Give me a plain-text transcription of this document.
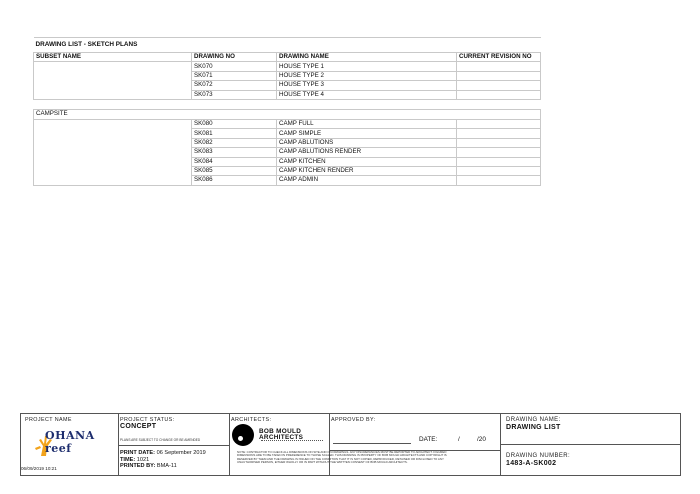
DRAWING LIST - SKETCH PLANS			
SUBSET NAME	DRAWING NO	DRAWING NAME	CURRENT REVISION NO
	SK070	HOUSE TYPE 1	
	SK071	HOUSE TYPE 2	
	SK072	HOUSE TYPE 3	
	SK073	HOUSE TYPE 4	

CAMPSITE			
	SK080	CAMP FULL	
	SK081	CAMP SIMPLE	
	SK082	CAMP ABLUTIONS	
	SK083	CAMP ABLUTIONS RENDER	
	SK084	CAMP KITCHEN	
	SK085	CAMP KITCHEN RENDER	
	SK086	CAMP ADMIN	
PROJECT NAME
OHANA reef
06/09/2019 10:21
PROJECT STATUS:
CONCEPT
PLANS ARE SUBJECT TO CHANGE OR BE AMENDED
PRINT DATE: 06 September 2019
TIME: 1021
PRINTED BY: BMA-11
ARCHITECTS:
BOB MOULD ARCHITECTS
NOTE: CONTRACTOR TO CHECK ALL DIMENSIONS ON SITE AND ON DRAWINGS. ANY DISCREPANCIES MUST BE REPORTED TO ARCHITECT. FIGURED DIMENSIONS ARE TO BE TAKEN IN PREFERENCE TO THOSE SCALED. THIS DRAWING IS PROPERTY OF BOB MOULD ARCHITECTS AND COPYRIGHT IS RESERVED BY THEM AND THE DRAWING IS ISSUED ON THE CONDITION THAT IT IS NOT COPIED, REPRODUCED, RETAINED OR DISCLOSED TO ANY UNAUTHORISED PERSON, EITHER WHOLLY OR IN PART WITHOUT THE WRITTEN CONSENT OF BOB MOULD ARCHITECTS.
APPROVED BY:
DATE:	/	/20
DRAWING NAME:
DRAWING LIST
DRAWING NUMBER:
1483-A-SK002
